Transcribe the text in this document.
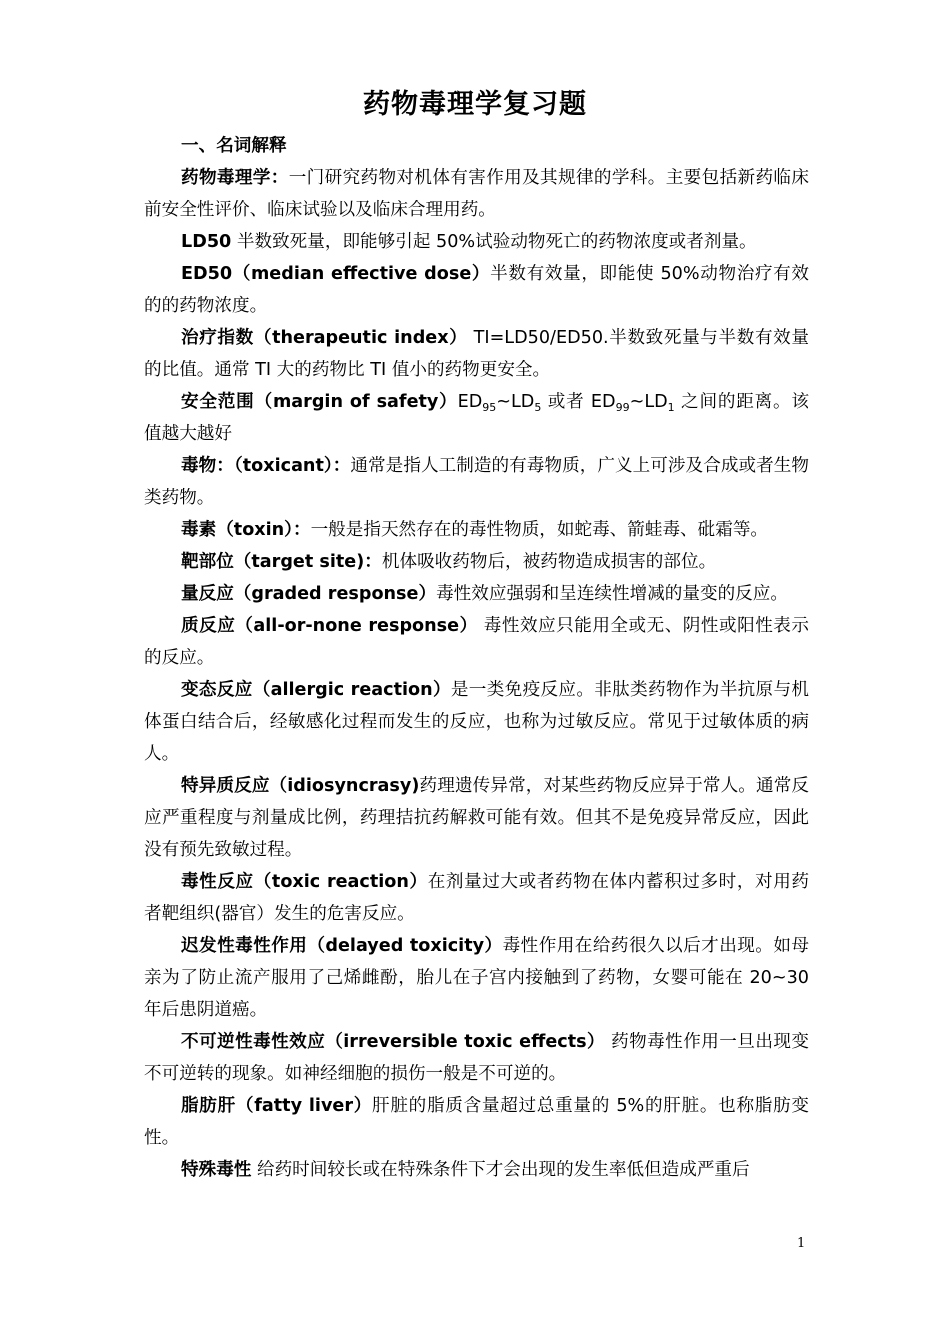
药物毒理学复习题

一、名词解释

药物毒理学：一门研究药物对机体有害作用及其规律的学科。主要包括新药临床前安全性评价、临床试验以及临床合理用药。

LD50 半数致死量，即能够引起 50%试验动物死亡的药物浓度或者剂量。

ED50（median effective dose）半数有效量，即能使 50%动物治疗有效的的药物浓度。

治疗指数（therapeutic index） TI=LD50/ED50.半数致死量与半数有效量的比值。通常 TI 大的药物比 TI 值小的药物更安全。

安全范围（margin of $safety)ED_{95}\sim LD_5$ 或者 $ED_{99}\sim LD_1$ 之间的距离。该值越大越好

毒物：（toxicant）：通常是指人工制造的有毒物质，广义上可涉及合成或者生物类药物。

毒素（toxin）：一般是指天然存在的毒性物质，如蛇毒、箭蛙毒、砒霜等。

靶部位（target site)：机体吸收药物后，被药物造成损害的部位。

量反应（graded response）毒性效应强弱和呈连续性增减的量变的反应。

质反应（all-or-none response） 毒性效应只能用全或无、阴性或阳性表示的反应。

变态反应（allergic reaction）是一类免疫反应。非肽类药物作为半抗原与机体蛋白结合后，经敏感化过程而发生的反应，也称为过敏反应。常见于过敏体质的病人。

特异质反应（idiosyncrasy)药理遗传异常，对某些药物反应异于常人。通常反应严重程度与剂量成比例，药理拮抗药解救可能有效。但其不是免疫异常反应，因此没有预先致敏过程。

毒性反应（toxic reaction）在剂量过大或者药物在体内蓄积过多时，对用药者靶组织(器官）发生的危害反应。

迟发性毒性作用（delayed toxicity）毒性作用在给药很久以后才出现。如母亲为了防止流产服用了己烯雌酚，胎儿在子宫内接触到了药物，女婴可能在 20~30 年后患阴道癌。

不可逆性毒性效应（irreversible toxic effects） 药物毒性作用一旦出现变不可逆转的现象。如神经细胞的损伤一般是不可逆的。

脂肪肝（fatty liver）肝脏的脂质含量超过总重量的 5%的肝脏。也称脂肪变性。

特殊毒性 给药时间较长或在特殊条件下才会出现的发生率低但造成严重后

1
